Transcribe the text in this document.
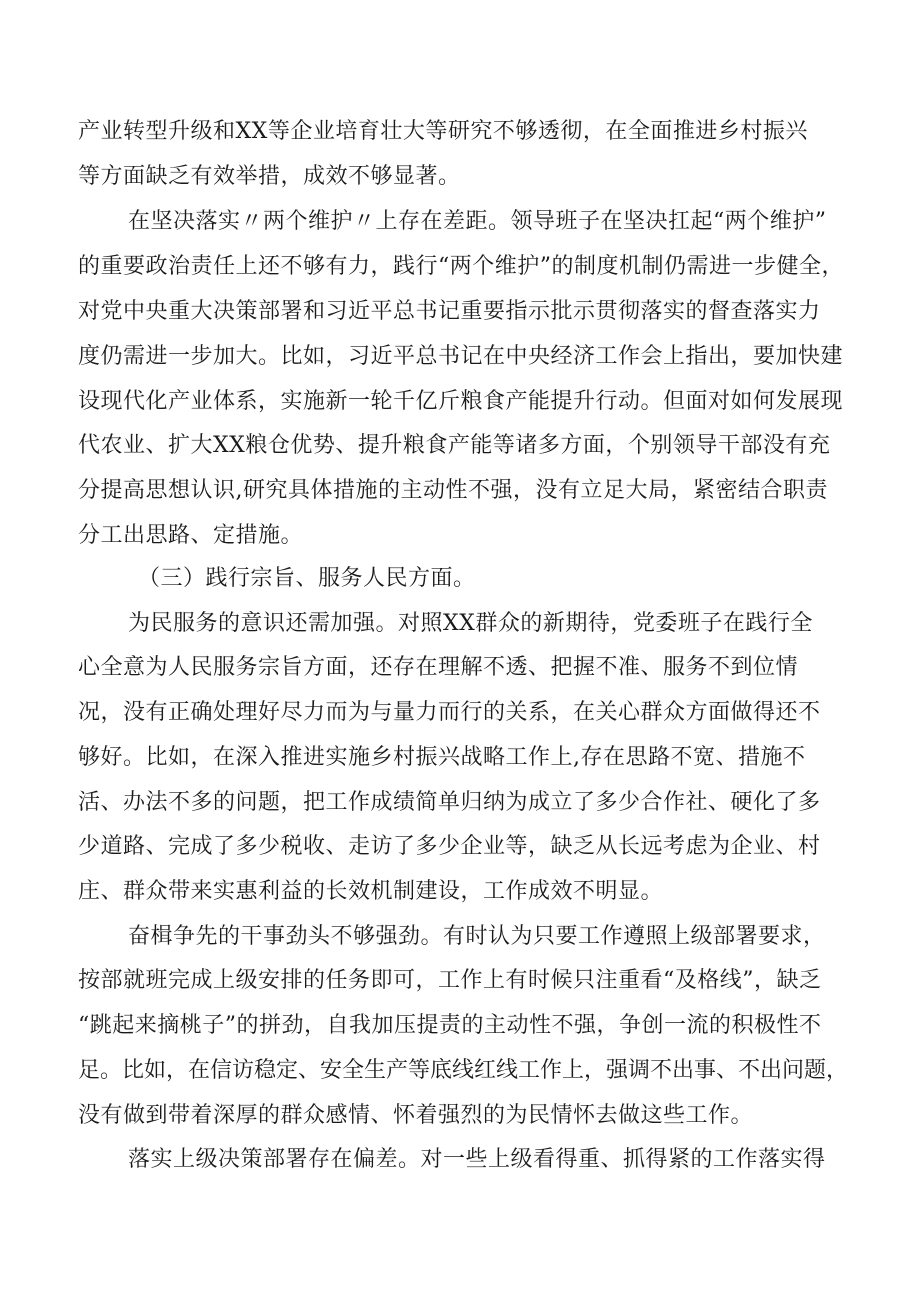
产业转型升级和XX等企业培育壮大等研究不够透彻，在全面推进乡村振兴
等方面缺乏有效举措，成效不够显著。
在坚决落实〃两个维护〃上存在差距。领导班子在坚决扛起“两个维护”
的重要政治责任上还不够有力，践行“两个维护”的制度机制仍需进一步健全，
对党中央重大决策部署和习近平总书记重要指示批示贯彻落实的督查落实力
度仍需进一步加大。比如，习近平总书记在中央经济工作会上指出，要加快建
设现代化产业体系，实施新一轮千亿斤粮食产能提升行动。但面对如何发展现
代农业、扩大XX粮仓优势、提升粮食产能等诸多方面，个别领导干部没有充
分提高思想认识,研究具体措施的主动性不强，没有立足大局，紧密结合职责
分工出思路、定措施。
（三）践行宗旨、服务人民方面。
为民服务的意识还需加强。对照XX群众的新期待，党委班子在践行全
心全意为人民服务宗旨方面，还存在理解不透、把握不准、服务不到位情
况，没有正确处理好尽力而为与量力而行的关系，在关心群众方面做得还不
够好。比如，在深入推进实施乡村振兴战略工作上,存在思路不宽、措施不
活、办法不多的问题，把工作成绩简单归纳为成立了多少合作社、硬化了多
少道路、完成了多少税收、走访了多少企业等，缺乏从长远考虑为企业、村
庄、群众带来实惠利益的长效机制建设，工作成效不明显。
奋楫争先的干事劲头不够强劲。有时认为只要工作遵照上级部署要求，
按部就班完成上级安排的任务即可，工作上有时候只注重看“及格线”，缺乏
“跳起来摘桃子”的拼劲，自我加压提责的主动性不强，争创一流的积极性不
足。比如，在信访稳定、安全生产等底线红线工作上，强调不出事、不出问题，
没有做到带着深厚的群众感情、怀着强烈的为民情怀去做这些工作。
落实上级决策部署存在偏差。对一些上级看得重、抓得紧的工作落实得
